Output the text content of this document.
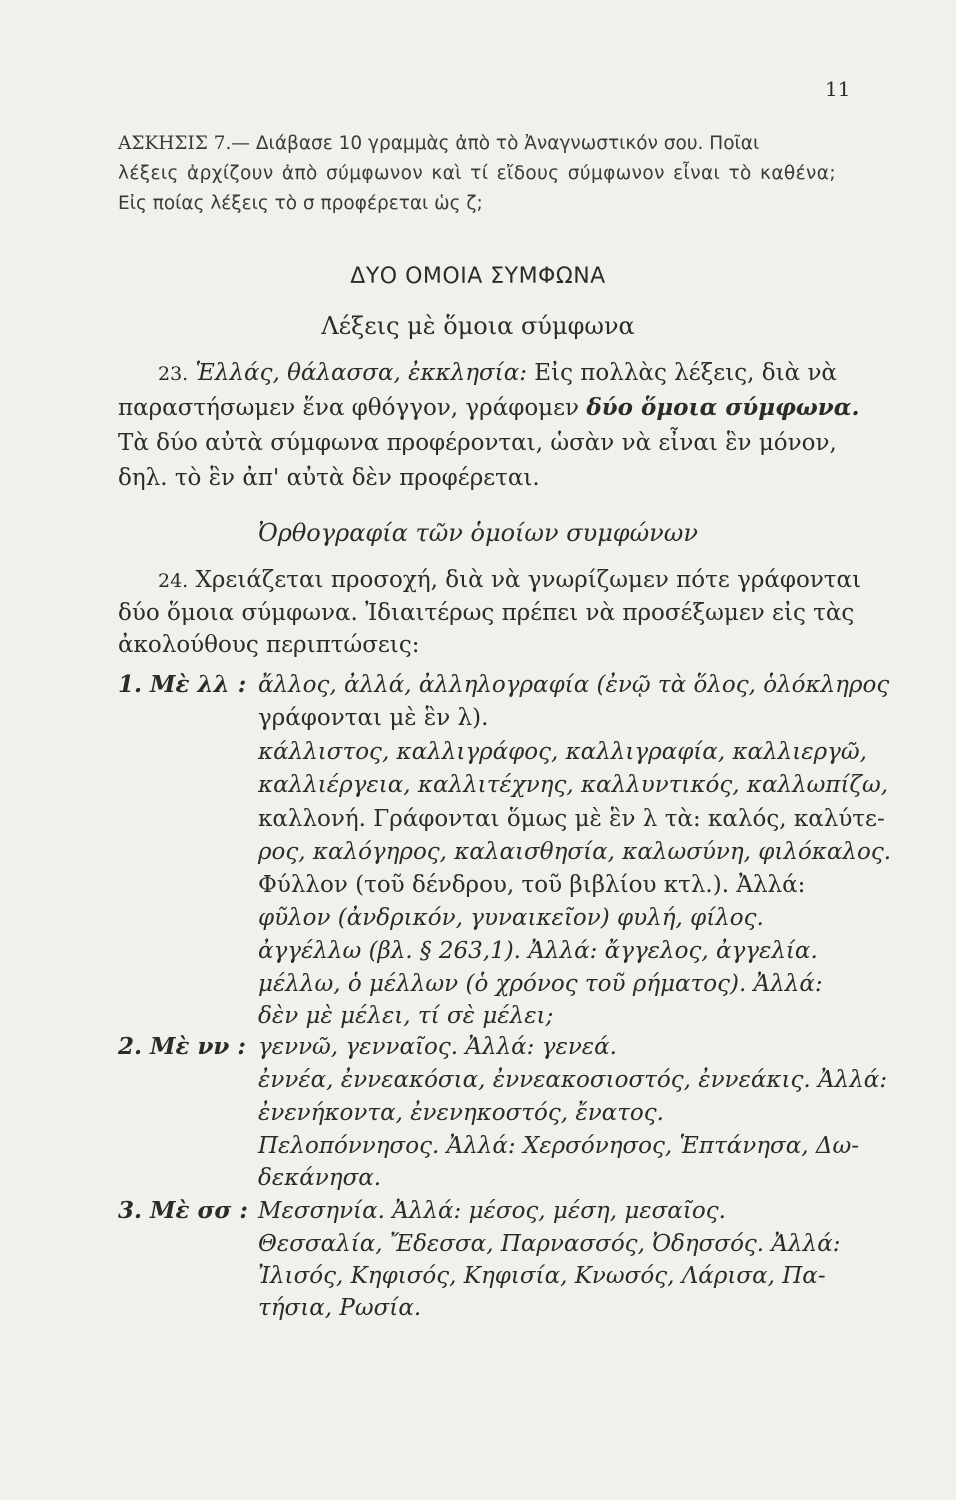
11
ΑΣΚΗΣΙΣ 7.— Διάβασε 10 γραμμὰς ἀπὸ τὸ Ἀναγνωστικόν σου. Ποῖαι
λέξεις ἀρχίζουν ἀπὸ σύμφωνον καὶ τί εἴδους σύμφωνον εἶναι τὸ καθένα;
Εἰς ποίας λέξεις τὸ σ προφέρεται ὡς ζ;
ΔΥΟ ΟΜΟΙΑ ΣΥΜΦΩΝΑ
Λέξεις μὲ ὅμοια σύμφωνα
23. Ἑλλάς, θάλασσα, ἐκκλησία: Εἰς πολλὰς λέξεις, διὰ νὰ
παραστήσωμεν ἕνα φθόγγον, γράφομεν δύο ὅμοια σύμφωνα.
Τὰ δύο αὐτὰ σύμφωνα προφέρονται, ὡσὰν νὰ εἶναι ἓν μόνον,
δηλ. τὸ ἓν ἀπ' αὐτὰ δὲν προφέρεται.
Ὀρθογραφία τῶν ὁμοίων συμφώνων
24. Χρειάζεται προσοχή, διὰ νὰ γνωρίζωμεν πότε γράφονται
δύο ὅμοια σύμφωνα. Ἰδιαιτέρως πρέπει νὰ προσέξωμεν εἰς τὰς
ἀκολούθους περιπτώσεις:
1. Μὲ λλ : ἄλλος, ἀλλά, ἀλληλογραφία (ἐνῷ τὰ ὅλος, ὁλόκληρος
γράφονται μὲ ἓν λ).
κάλλιστος, καλλιγράφος, καλλιγραφία, καλλιεργῶ,
καλλιέργεια, καλλιτέχνης, καλλυντικός, καλλωπίζω,
καλλονή. Γράφονται ὅμως μὲ ἓν λ τὰ: καλός, καλύτε-
ρος, καλόγηρος, καλαισθησία, καλωσύνη, φιλόκαλος.
Φύλλον (τοῦ δένδρου, τοῦ βιβλίου κτλ.). Ἀλλά:
φῦλον (ἀνδρικόν, γυναικεῖον) φυλή, φίλος.
ἀγγέλλω (βλ. § 263,1). Ἀλλά: ἄγγελος, ἀγγελία.
μέλλω, ὁ μέλλων (ὁ χρόνος τοῦ ρήματος). Ἀλλά:
δὲν μὲ μέλει, τί σὲ μέλει;
2. Μὲ νν : γεννῶ, γενναῖος. Ἀλλά: γενεά.
ἐννέα, ἐννεακόσια, ἐννεακοσιοστός, ἐννεάκις. Ἀλλά:
ἐνενήκοντα, ἐνενηκοστός, ἔνατος.
Πελοπόννησος. Ἀλλά: Χερσόνησος, Ἑπτάνησα, Δω-
δεκάνησα.
3. Μὲ σσ : Μεσσηνία. Ἀλλά: μέσος, μέση, μεσαῖος.
Θεσσαλία, Ἔδεσσα, Παρνασσός, Ὀδησσός. Ἀλλά:
Ἰλισός, Κηφισός, Κηφισία, Κνωσός, Λάρισα, Πα-
τήσια, Ρωσία.
